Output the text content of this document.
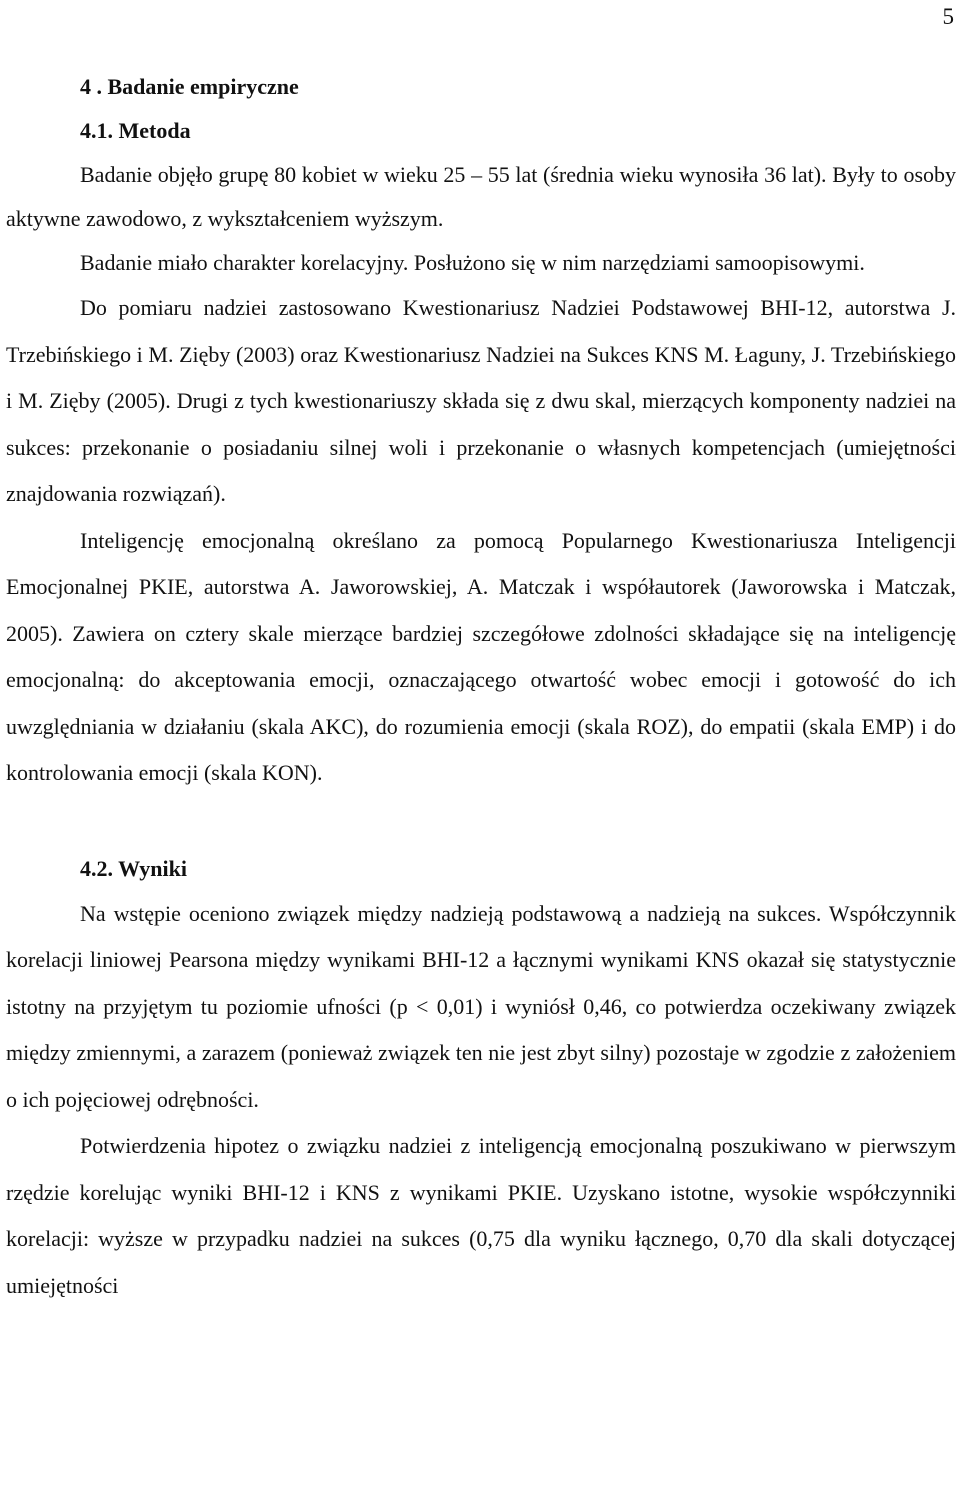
5
4 . Badanie empiryczne
4.1. Metoda

Badanie objęło grupę 80 kobiet w wieku 25 – 55 lat (średnia wieku wynosiła 36 lat). Były to osoby aktywne zawodowo, z wykształceniem wyższym.

Badanie miało charakter korelacyjny. Posłużono się w nim narzędziami samoopisowymi.

Do pomiaru nadziei zastosowano Kwestionariusz Nadziei Podstawowej BHI-12, autorstwa J. Trzebińskiego i M. Zięby (2003) oraz Kwestionariusz Nadziei na Sukces KNS M. Łaguny, J. Trzebińskiego i M. Zięby (2005). Drugi z tych kwestionariuszy składa się z dwu skal, mierzących komponenty nadziei na sukces: przekonanie o posiadaniu silnej woli i przekonanie o własnych kompetencjach (umiejętności znajdowania rozwiązań).

Inteligencję emocjonalną określano za pomocą Popularnego Kwestionariusza Inteligencji Emocjonalnej PKIE, autorstwa A. Jaworowskiej, A. Matczak i współautorek (Jaworowska i Matczak, 2005). Zawiera on cztery skale mierzące bardziej szczegółowe zdolności składające się na inteligencję emocjonalną: do akceptowania emocji, oznaczającego otwartość wobec emocji i gotowość do ich uwzględniania w działaniu (skala AKC), do rozumienia emocji (skala ROZ), do empatii (skala EMP) i do kontrolowania emocji (skala KON).

4.2. Wyniki

Na wstępie oceniono związek między nadzieją podstawową a nadzieją na sukces. Współczynnik korelacji liniowej Pearsona między wynikami BHI-12 a łącznymi wynikami KNS okazał się statystycznie istotny na przyjętym tu poziomie ufności (p < 0,01) i wyniósł 0,46, co potwierdza oczekiwany związek między zmiennymi, a zarazem (ponieważ związek ten nie jest zbyt silny) pozostaje w zgodzie z założeniem o ich pojęciowej odrębności.

Potwierdzenia hipotez o związku nadziei z inteligencją emocjonalną poszukiwano w pierwszym rzędzie korelując wyniki BHI-12 i KNS z wynikami PKIE. Uzyskano istotne, wysokie współczynniki korelacji: wyższe w przypadku nadziei na sukces (0,75 dla wyniku łącznego, 0,70 dla skali dotyczącej umiejętności
